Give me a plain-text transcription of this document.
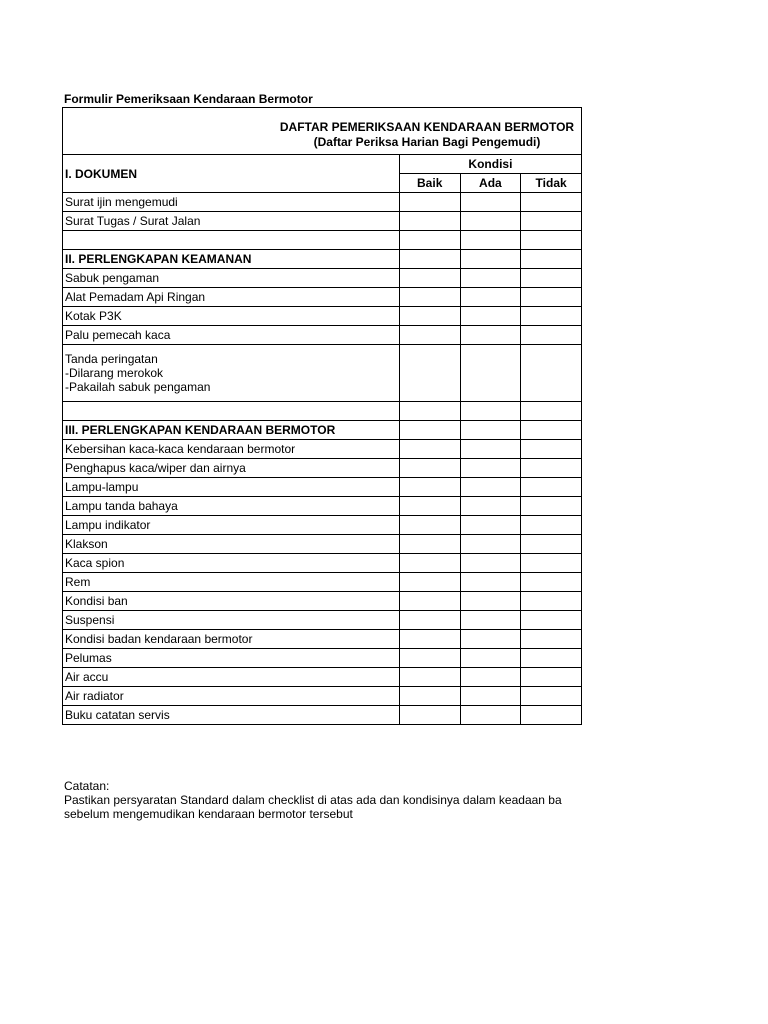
Formulir Pemeriksaan Kendaraan Bermotor
DAFTAR PEMERIKSAAN KENDARAAN BERMOTOR
(Daftar Periksa Harian Bagi Pengemudi)			

I. DOKUMEN	Kondisi		
	Baik	Ada	Tidak
Surat ijin mengemudi			
Surat Tugas / Surat Jalan			

II. PERLENGKAPAN KEAMANAN			
Sabuk pengaman			
Alat Pemadam Api Ringan			
Kotak P3K			
Palu pemecah kaca			

Tanda peringatan
-Dilarang merokok
-Pakailah sabuk pengaman			

III. PERLENGKAPAN KENDARAAN BERMOTOR			
Kebersihan kaca-kaca kendaraan bermotor			
Penghapus kaca/wiper dan airnya			
Lampu-lampu			
Lampu tanda bahaya			
Lampu indikator			
Klakson			
Kaca spion			
Rem			
Kondisi ban			
Suspensi			
Kondisi badan kendaraan bermotor			
Pelumas			
Air accu			
Air radiator			
Buku catatan servis			
Catatan:
Pastikan persyaratan Standard dalam checklist di atas ada dan kondisinya dalam keadaan ba
sebelum mengemudikan kendaraan bermotor tersebut
